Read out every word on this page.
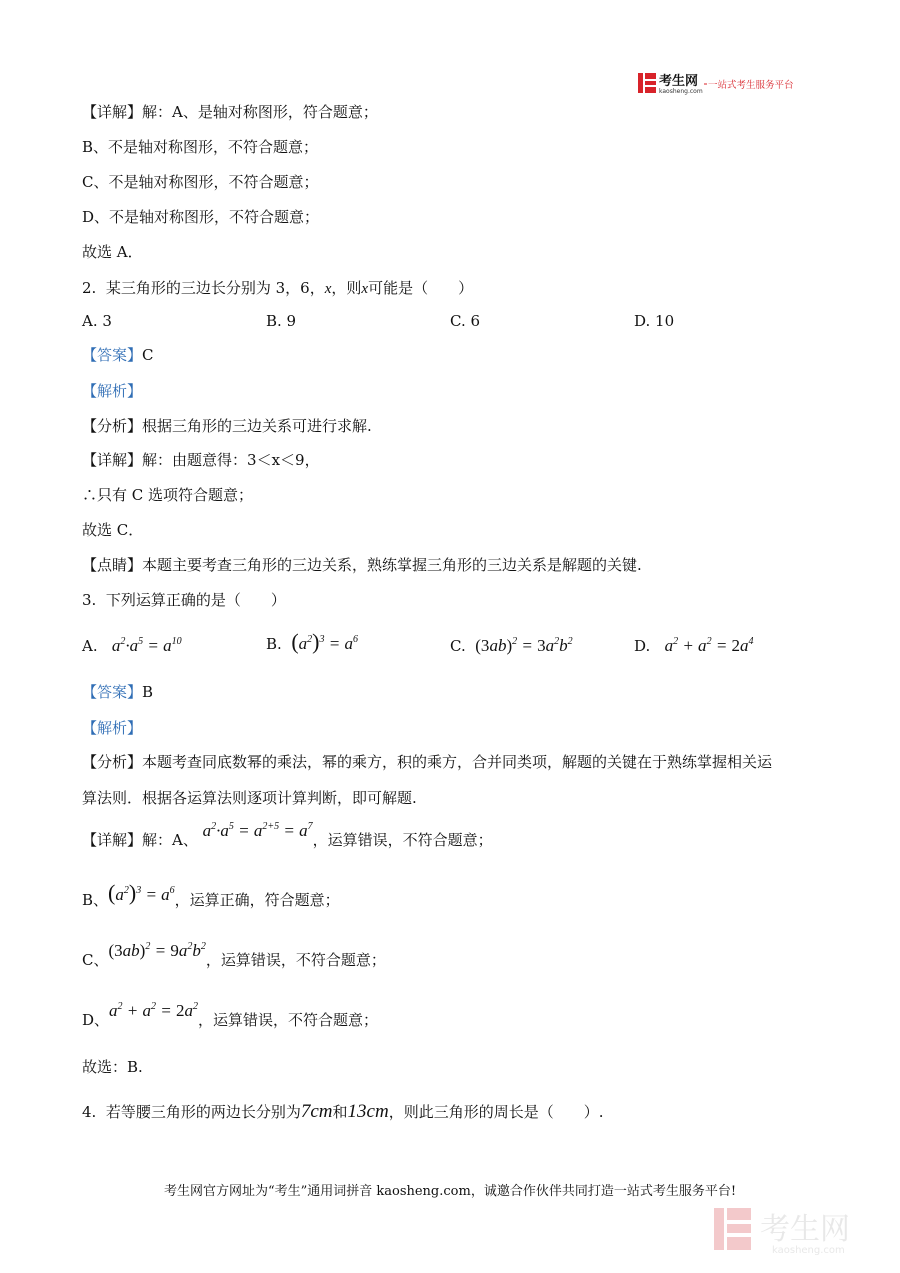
考生网
kaosheng.com
一站式考生服务平台
【详解】解：A、是轴对称图形，符合题意；
B、不是轴对称图形，不符合题意；
C、不是轴对称图形，不符合题意；
D、不是轴对称图形，不符合题意；
故选 A．
2. 某三角形的三边长分别为 3，6，x，则x可能是（　　）
A. 3	B. 9	C. 6	D. 10
【答案】C
【解析】
【分析】根据三角形的三边关系可进行求解.
【详解】解：由题意得：3＜x＜9，
∴只有 C 选项符合题意；
故选 C．
【点睛】本题主要考查三角形的三边关系，熟练掌握三角形的三边关系是解题的关键.
3. 下列运算正确的是（　　）
A. $a^2\cdot a^5 = a^{10}$	B. $(a^2)^3 = a^6$	C. $(3ab)^2 = 3a^2b^2$	D. $a^2 + a^2 = 2a^4$
【答案】B
【解析】
【分析】本题考查同底数幂的乘法，幂的乘方，积的乘方，合并同类项，解题的关键在于熟练掌握相关运
算法则．根据各运算法则逐项计算判断，即可解题.
【详解】解：A、 $a^2\cdot a^5 = a^{2+5} = a^7$，运算错误，不符合题意；
B、$(a^2)^3 = a^6$，运算正确，符合题意；
C、$(3ab)^2 = 9a^2b^2$，运算错误，不符合题意；
D、$a^2 + a^2 = 2a^2$，运算错误，不符合题意；
故选：B.
4. 若等腰三角形的两边长分别为7cm和13cm，则此三角形的周长是（　　）.
考生网官方网址为“考生”通用词拼音 kaosheng.com，诚邀合作伙伴共同打造一站式考生服务平台!
考生网
kaosheng.com
